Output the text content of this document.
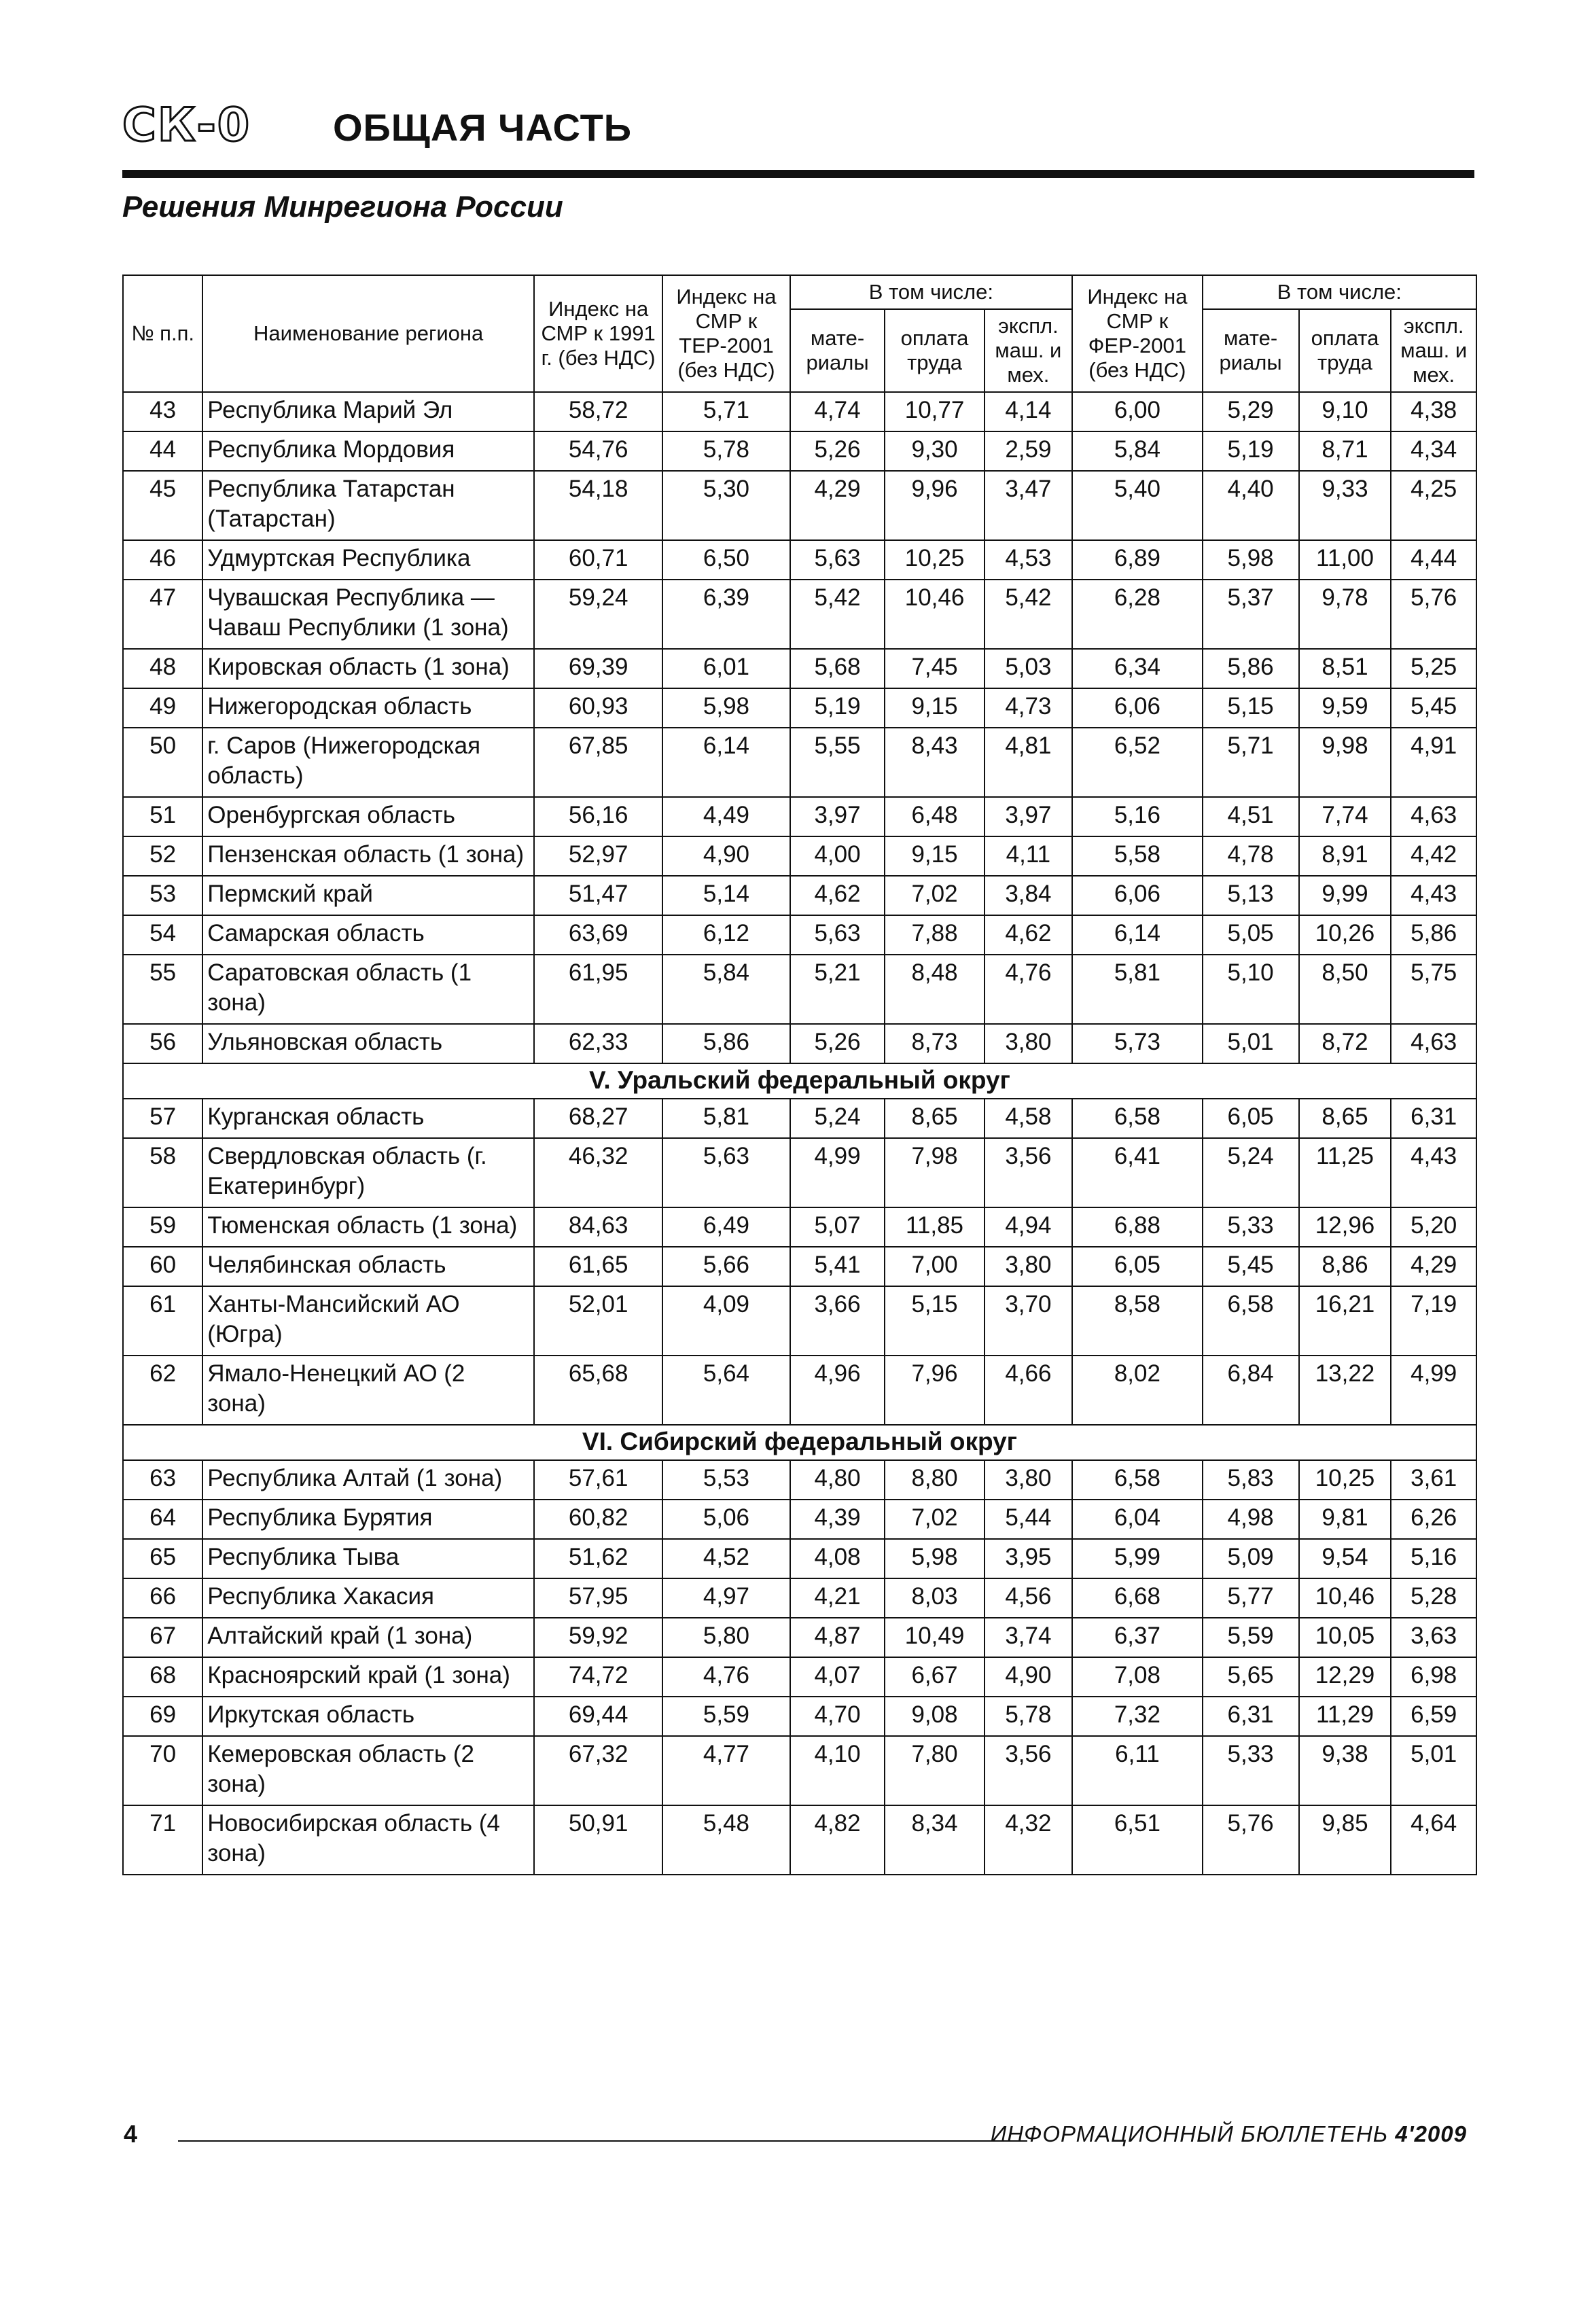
СК-0 ОБЩАЯ ЧАСТЬ
Решения Минрегиона России
№ п.п.	Наименование региона	Индекс на СМР к 1991 г. (без НДС)	Индекс на СМР к ТЕР-2001 (без НДС)	В том числе:			Индекс на СМР к ФЕР-2001 (без НДС)	В том числе:		
				мате-риалы	оплата труда	экспл. маш. и мех.		мате-риалы	оплата труда	экспл. маш. и мех.
43	Республика Марий Эл	58,72	5,71	4,74	10,77	4,14	6,00	5,29	9,10	4,38
44	Республика Мордовия	54,76	5,78	5,26	9,30	2,59	5,84	5,19	8,71	4,34
45	Республика Татарстан (Татарстан)	54,18	5,30	4,29	9,96	3,47	5,40	4,40	9,33	4,25
46	Удмуртская Республика	60,71	6,50	5,63	10,25	4,53	6,89	5,98	11,00	4,44
47	Чувашская Республика — Чаваш Республики (1 зона)	59,24	6,39	5,42	10,46	5,42	6,28	5,37	9,78	5,76
48	Кировская область (1 зона)	69,39	6,01	5,68	7,45	5,03	6,34	5,86	8,51	5,25
49	Нижегородская область	60,93	5,98	5,19	9,15	4,73	6,06	5,15	9,59	5,45
50	г. Саров (Нижегородская область)	67,85	6,14	5,55	8,43	4,81	6,52	5,71	9,98	4,91
51	Оренбургская область	56,16	4,49	3,97	6,48	3,97	5,16	4,51	7,74	4,63
52	Пензенская область (1 зона)	52,97	4,90	4,00	9,15	4,11	5,58	4,78	8,91	4,42
53	Пермский край	51,47	5,14	4,62	7,02	3,84	6,06	5,13	9,99	4,43
54	Самарская область	63,69	6,12	5,63	7,88	4,62	6,14	5,05	10,26	5,86
55	Саратовская область (1 зона)	61,95	5,84	5,21	8,48	4,76	5,81	5,10	8,50	5,75
56	Ульяновская область	62,33	5,86	5,26	8,73	3,80	5,73	5,01	8,72	4,63
V. Уральский федеральный округ										
57	Курганская область	68,27	5,81	5,24	8,65	4,58	6,58	6,05	8,65	6,31
58	Свердловская область (г. Екатеринбург)	46,32	5,63	4,99	7,98	3,56	6,41	5,24	11,25	4,43
59	Тюменская область (1 зона)	84,63	6,49	5,07	11,85	4,94	6,88	5,33	12,96	5,20
60	Челябинская область	61,65	5,66	5,41	7,00	3,80	6,05	5,45	8,86	4,29
61	Ханты-Мансийский АО (Югра)	52,01	4,09	3,66	5,15	3,70	8,58	6,58	16,21	7,19
62	Ямало-Ненецкий АО (2 зона)	65,68	5,64	4,96	7,96	4,66	8,02	6,84	13,22	4,99
VI. Сибирский федеральный округ										
63	Республика Алтай (1 зона)	57,61	5,53	4,80	8,80	3,80	6,58	5,83	10,25	3,61
64	Республика Бурятия	60,82	5,06	4,39	7,02	5,44	6,04	4,98	9,81	6,26
65	Республика Тыва	51,62	4,52	4,08	5,98	3,95	5,99	5,09	9,54	5,16
66	Республика Хакасия	57,95	4,97	4,21	8,03	4,56	6,68	5,77	10,46	5,28
67	Алтайский край (1 зона)	59,92	5,80	4,87	10,49	3,74	6,37	5,59	10,05	3,63
68	Красноярский край (1 зона)	74,72	4,76	4,07	6,67	4,90	7,08	5,65	12,29	6,98
69	Иркутская область	69,44	5,59	4,70	9,08	5,78	7,32	6,31	11,29	6,59
70	Кемеровская область (2 зона)	67,32	4,77	4,10	7,80	3,56	6,11	5,33	9,38	5,01
71	Новосибирская область (4 зона)	50,91	5,48	4,82	8,34	4,32	6,51	5,76	9,85	4,64
4	ИНФОРМАЦИОННЫЙ БЮЛЛЕТЕНЬ 4'2009
